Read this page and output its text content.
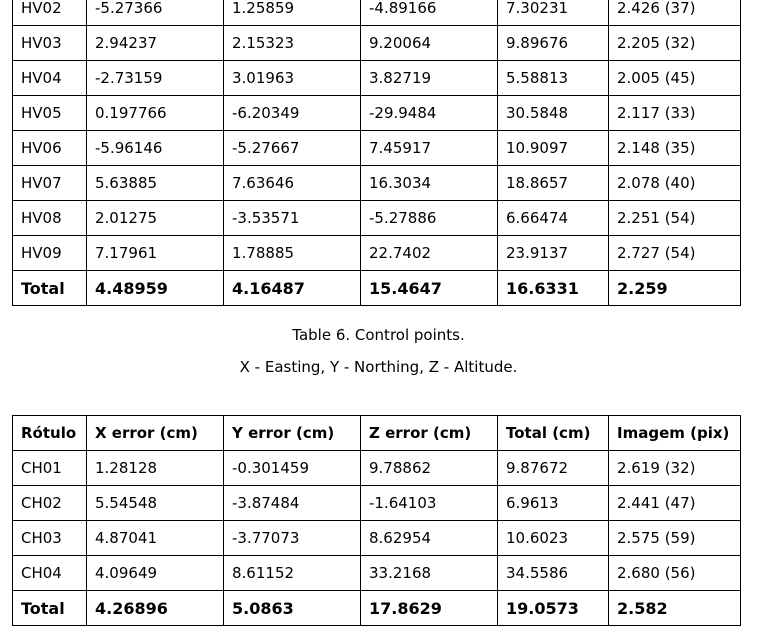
HV02	-5.27366	1.25859	-4.89166	7.30231	2.426 (37)
HV03	2.94237	2.15323	9.20064	9.89676	2.205 (32)
HV04	-2.73159	3.01963	3.82719	5.58813	2.005 (45)
HV05	0.197766	-6.20349	-29.9484	30.5848	2.117 (33)
HV06	-5.96146	-5.27667	7.45917	10.9097	2.148 (35)
HV07	5.63885	7.63646	16.3034	18.8657	2.078 (40)
HV08	2.01275	-3.53571	-5.27886	6.66474	2.251 (54)
HV09	7.17961	1.78885	22.7402	23.9137	2.727 (54)
Total	4.48959	4.16487	15.4647	16.6331	2.259
Table 6. Control points.
X - Easting, Y - Northing, Z - Altitude.
Rótulo	X error (cm)	Y error (cm)	Z error (cm)	Total (cm)	Imagem (pix)
CH01	1.28128	-0.301459	9.78862	9.87672	2.619 (32)
CH02	5.54548	-3.87484	-1.64103	6.9613	2.441 (47)
CH03	4.87041	-3.77073	8.62954	10.6023	2.575 (59)
CH04	4.09649	8.61152	33.2168	34.5586	2.680 (56)
Total	4.26896	5.0863	17.8629	19.0573	2.582
